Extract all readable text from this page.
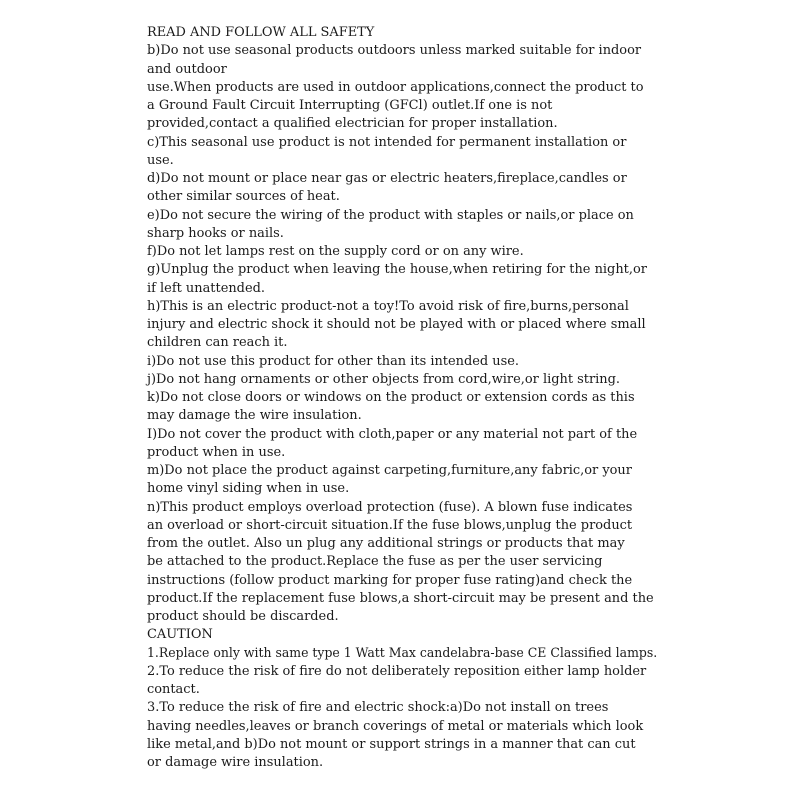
READ AND FOLLOW ALL SAFETY
b)Do not use seasonal products outdoors unless marked suitable for indoor
and outdoor
use.When products are used in outdoor applications,connect the product to
a Ground Fault Circuit Interrupting (GFCl) outlet.If one is not
provided,contact a qualified electrician for proper installation.
c)This seasonal use product is not intended for permanent installation or
use.
d)Do not mount or place near gas or electric heaters,fireplace,candles or
other similar sources of heat.
e)Do not secure the wiring of the product with staples or nails,or place on
sharp hooks or nails.
f)Do not let lamps rest on the supply cord or on any wire.
g)Unplug the product when leaving the house,when retiring for the night,or
if left unattended.
h)This is an electric product-not a toy!To avoid risk of fire,burns,personal
injury and electric shock it should not be played with or placed where small
children can reach it.
i)Do not use this product for other than its intended use.
j)Do not hang ornaments or other objects from cord,wire,or light string.
k)Do not close doors or windows on the product or extension cords as this
may damage the wire insulation.
I)Do not cover the product with cloth,paper or any material not part of the
product when in use.
m)Do not place the product against carpeting,furniture,any fabric,or your
home vinyl siding when in use.
n)This product employs overload protection (fuse). A blown fuse indicates
an overload or short-circuit situation.If the fuse blows,unplug the product
from the outlet. Also un plug any additional strings or products that may
be attached to the product.Replace the fuse as per the user servicing
instructions (follow product marking for proper fuse rating)and check the
product.If the replacement fuse blows,a short-circuit may be present and the
product should be discarded.
CAUTION
1.Replace only with same type 1 Watt Max candelabra-base CE Classified lamps.
2.To reduce the risk of fire do not deliberately reposition either lamp holder
contact.
3.To reduce the risk of fire and electric shock:a)Do not install on trees
having needles,leaves or branch coverings of metal or materials which look
like metal,and b)Do not mount or support strings in a manner that can cut
or damage wire insulation.
